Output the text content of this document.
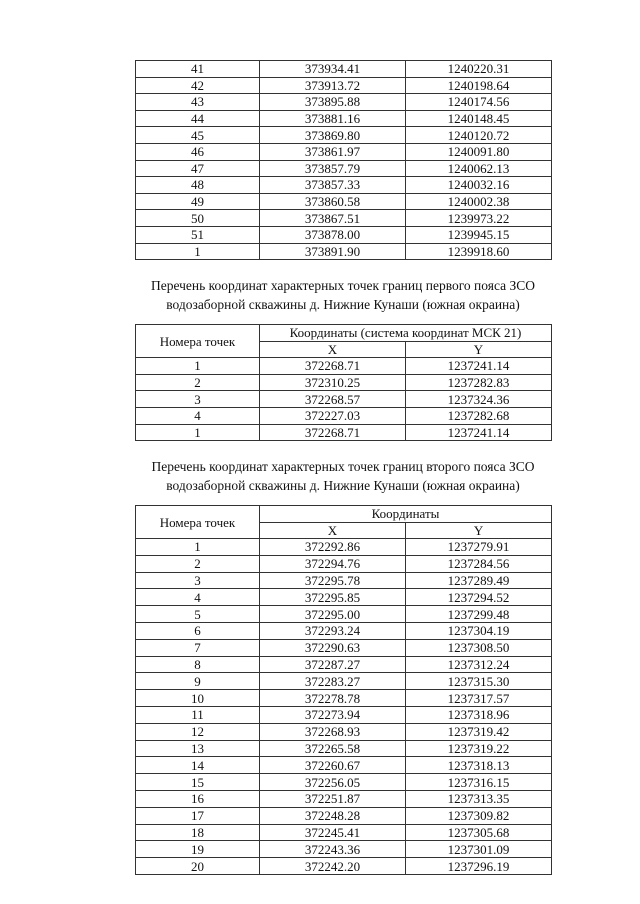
41	373934.41	1240220.31
42	373913.72	1240198.64
43	373895.88	1240174.56
44	373881.16	1240148.45
45	373869.80	1240120.72
46	373861.97	1240091.80
47	373857.79	1240062.13
48	373857.33	1240032.16
49	373860.58	1240002.38
50	373867.51	1239973.22
51	373878.00	1239945.15
1	373891.90	1239918.60

Перечень координат характерных точек границ первого пояса ЗСО
водозаборной скважины д. Нижние Кунаши (южная окраина)

Номера точек	Координаты (система координат МСК 21)	
	X	Y
1	372268.71	1237241.14
2	372310.25	1237282.83
3	372268.57	1237324.36
4	372227.03	1237282.68
1	372268.71	1237241.14

Перечень координат характерных точек границ второго пояса ЗСО
водозаборной скважины д. Нижние Кунаши (южная окраина)

Номера точек	Координаты	
	X	Y
1	372292.86	1237279.91
2	372294.76	1237284.56
3	372295.78	1237289.49
4	372295.85	1237294.52
5	372295.00	1237299.48
6	372293.24	1237304.19
7	372290.63	1237308.50
8	372287.27	1237312.24
9	372283.27	1237315.30
10	372278.78	1237317.57
11	372273.94	1237318.96
12	372268.93	1237319.42
13	372265.58	1237319.22
14	372260.67	1237318.13
15	372256.05	1237316.15
16	372251.87	1237313.35
17	372248.28	1237309.82
18	372245.41	1237305.68
19	372243.36	1237301.09
20	372242.20	1237296.19
